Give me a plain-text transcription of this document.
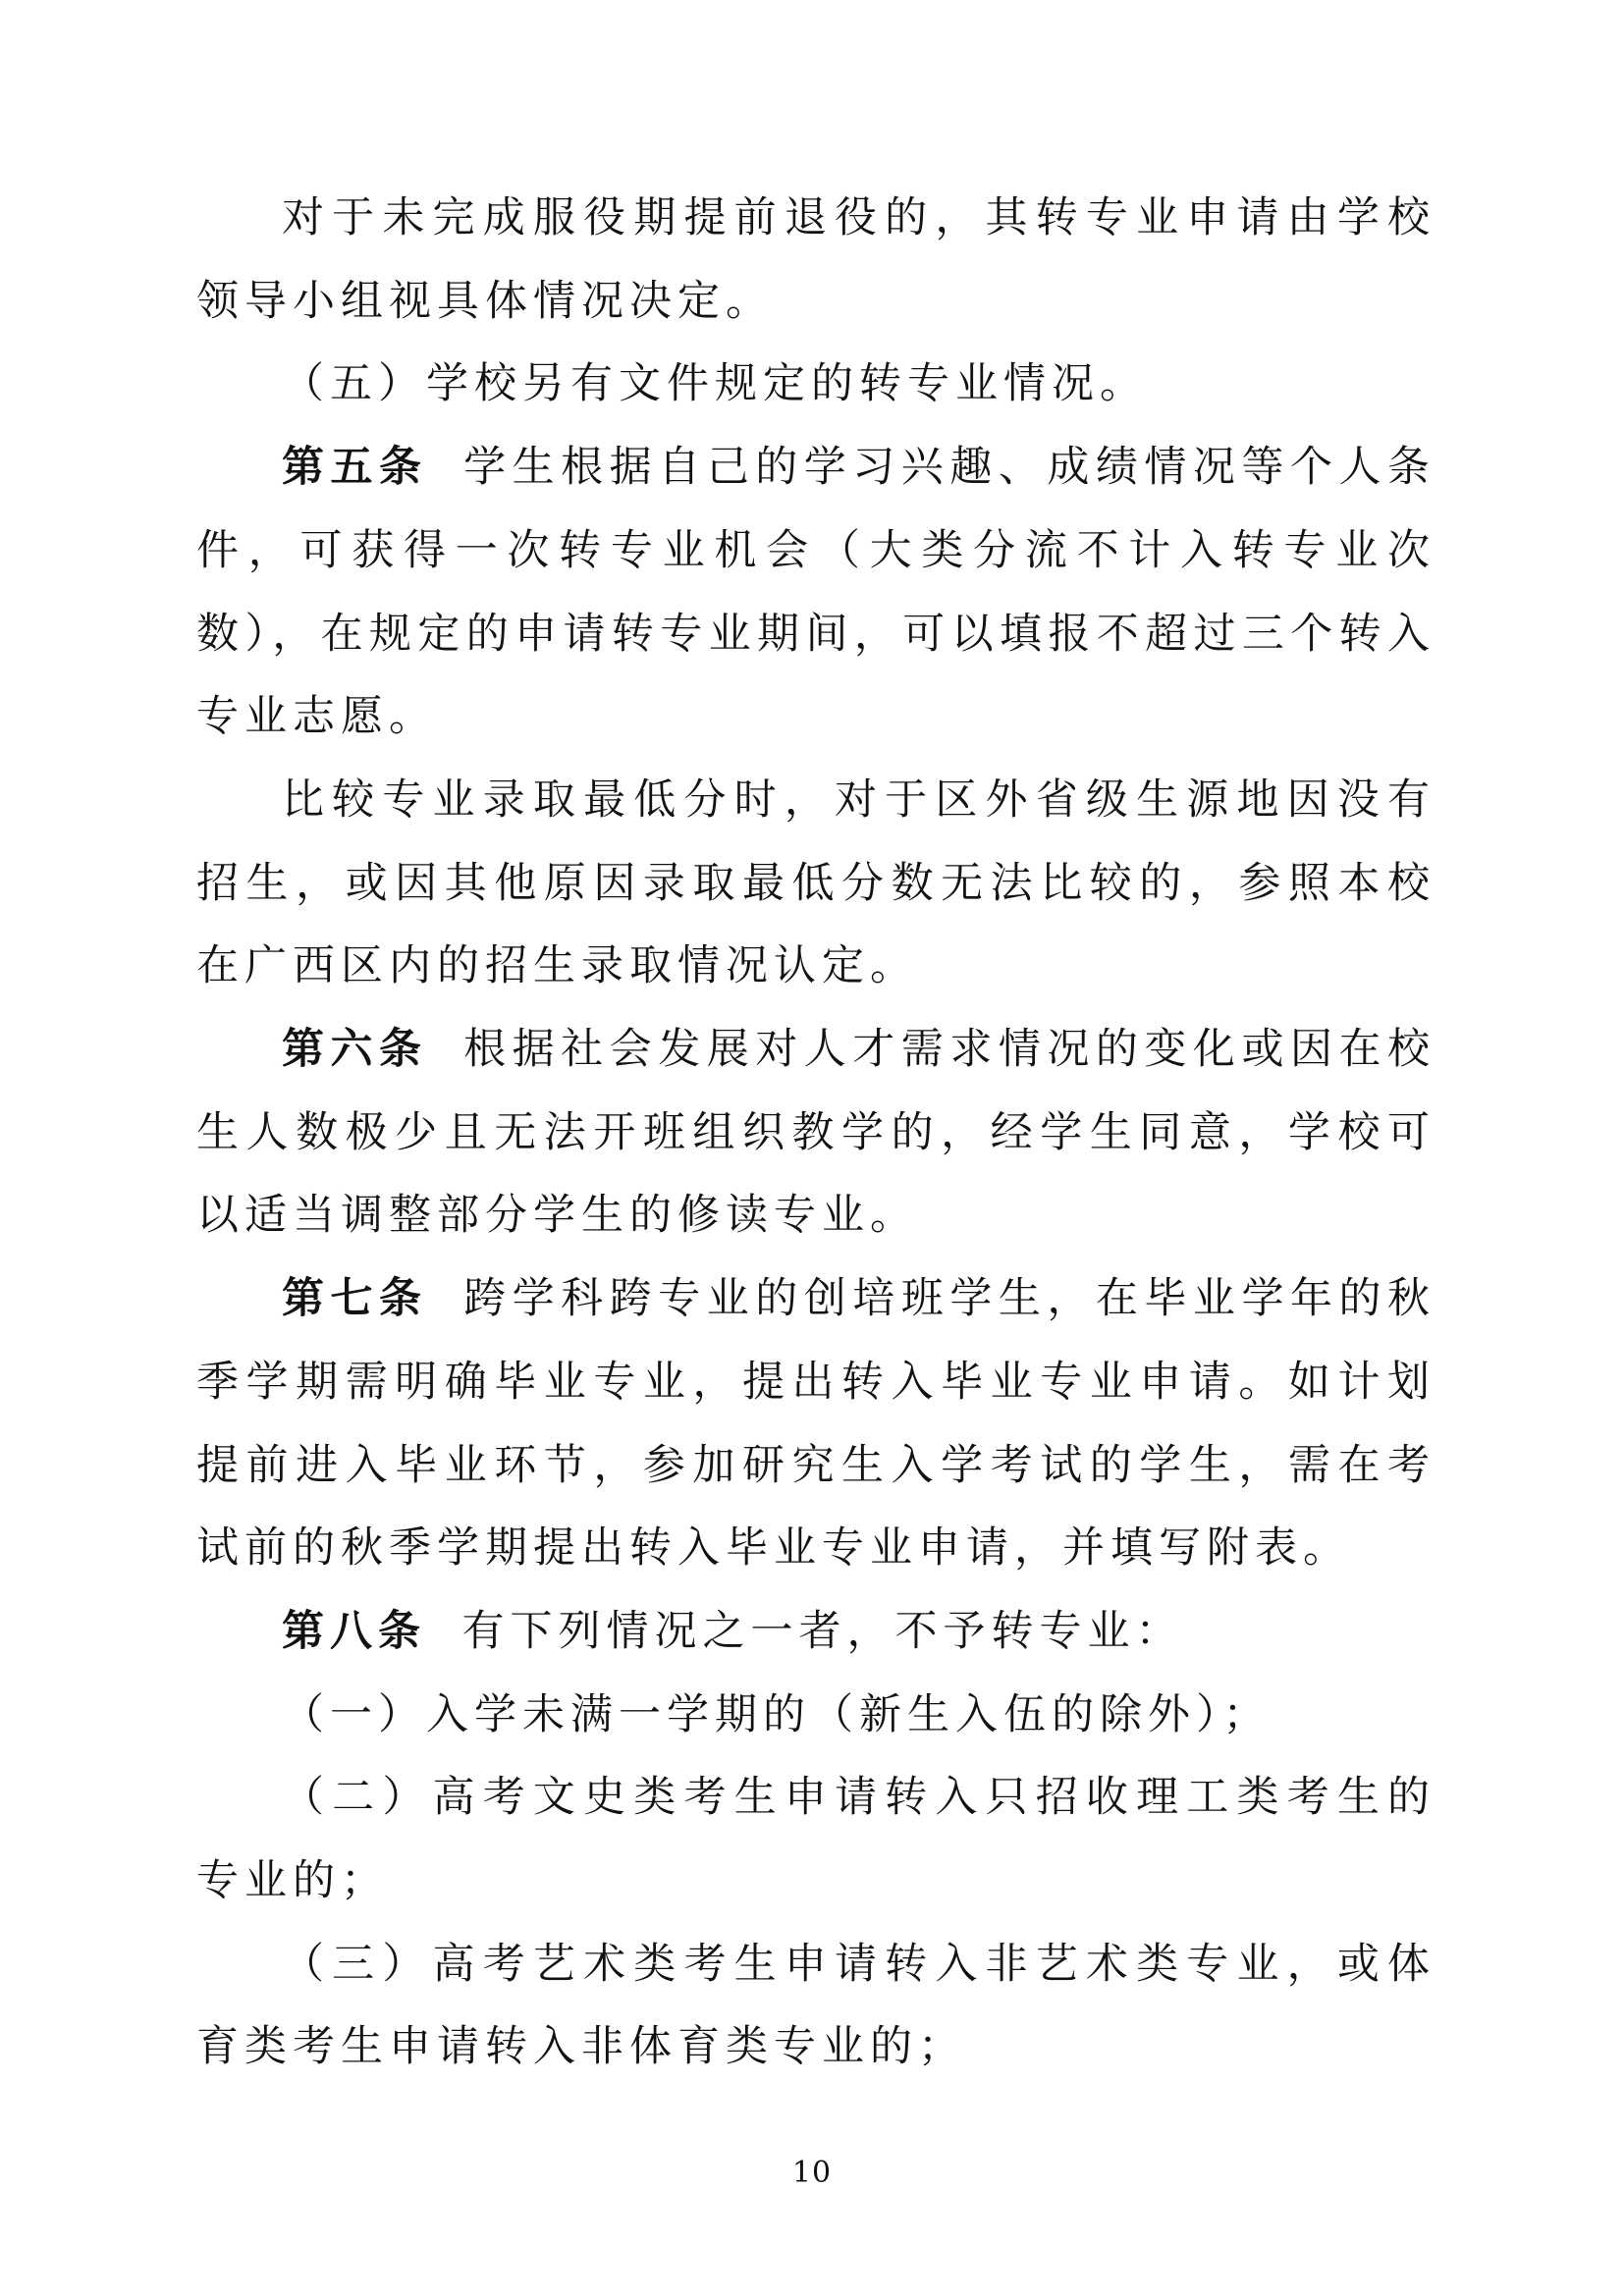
对于未完成服役期提前退役的，其转专业申请由学校领导小组视具体情况决定。

（五）学校另有文件规定的转专业情况。

第五条 学生根据自己的学习兴趣、成绩情况等个人条件，可获得一次转专业机会（大类分流不计入转专业次数），在规定的申请转专业期间，可以填报不超过三个转入专业志愿。

比较专业录取最低分时，对于区外省级生源地因没有招生，或因其他原因录取最低分数无法比较的，参照本校在广西区内的招生录取情况认定。

第六条 根据社会发展对人才需求情况的变化或因在校生人数极少且无法开班组织教学的，经学生同意，学校可以适当调整部分学生的修读专业。

第七条 跨学科跨专业的创培班学生，在毕业学年的秋季学期需明确毕业专业，提出转入毕业专业申请。如计划提前进入毕业环节，参加研究生入学考试的学生，需在考试前的秋季学期提出转入毕业专业申请，并填写附表。

第八条 有下列情况之一者，不予转专业：

（一）入学未满一学期的（新生入伍的除外）；

（二）高考文史类考生申请转入只招收理工类考生的专业的；

（三）高考艺术类考生申请转入非艺术类专业，或体育类考生申请转入非体育类专业的；

10
